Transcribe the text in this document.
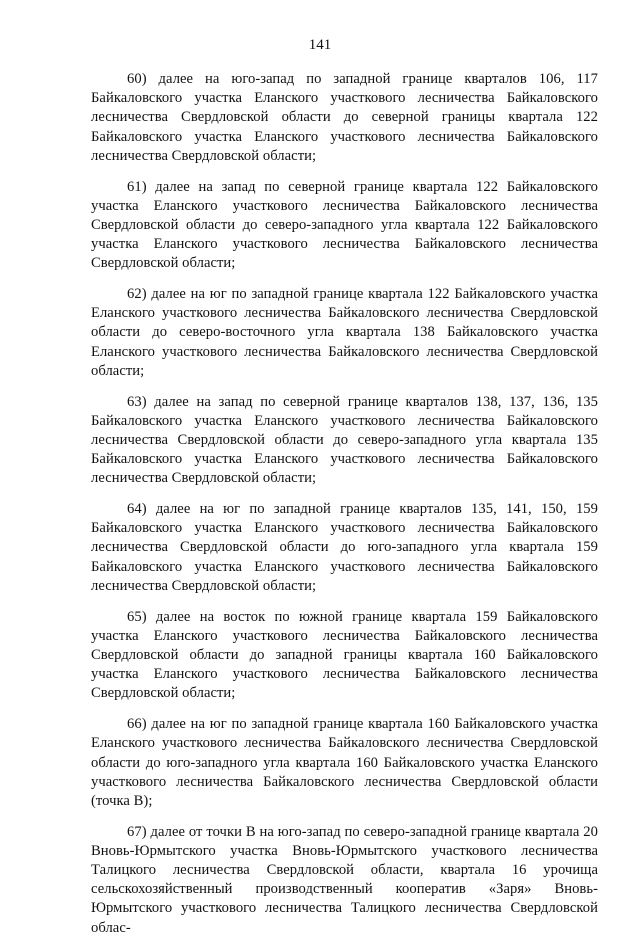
141

60) далее на юго-запад по западной границе кварталов 106, 117 Байкаловского участка Еланского участкового лесничества Байкаловского лесничества Свердловской области до северной границы квартала 122 Байкаловского участка Еланского участкового лесничества Байкаловского лесничества Свердловской области;

61) далее на запад по северной границе квартала 122 Байкаловского участка Еланского участкового лесничества Байкаловского лесничества Свердловской области до северо-западного угла квартала 122 Байкаловского участка Еланского участкового лесничества Байкаловского лесничества Свердловской области;

62) далее на юг по западной границе квартала 122 Байкаловского участка Еланского участкового лесничества Байкаловского лесничества Свердловской области до северо-восточного угла квартала 138 Байкаловского участка Еланского участкового лесничества Байкаловского лесничества Свердловской области;

63) далее на запад по северной границе кварталов 138, 137, 136, 135 Байкаловского участка Еланского участкового лесничества Байкаловского лесничества Свердловской области до северо-западного угла квартала 135 Байкаловского участка Еланского участкового лесничества Байкаловского лесничества Свердловской области;

64) далее на юг по западной границе кварталов 135, 141, 150, 159 Байкаловского участка Еланского участкового лесничества Байкаловского лесничества Свердловской области до юго-западного угла квартала 159 Байкаловского участка Еланского участкового лесничества Байкаловского лесничества Свердловской области;

65) далее на восток по южной границе квартала 159 Байкаловского участка Еланского участкового лесничества Байкаловского лесничества Свердловской области до западной границы квартала 160 Байкаловского участка Еланского участкового лесничества Байкаловского лесничества Свердловской области;

66) далее на юг по западной границе квартала 160 Байкаловского участка Еланского участкового лесничества Байкаловского лесничества Свердловской области до юго-западного угла квартала 160 Байкаловского участка Еланского участкового лесничества Байкаловского лесничества Свердловской области (точка В);

67) далее от точки В на юго-запад по северо-западной границе квартала 20 Вновь-Юрмытского участка Вновь-Юрмытского участкового лесничества Талицкого лесничества Свердловской области, квартала 16 урочища сельскохозяйственный производственный кооператив «Заря» Вновь-Юрмытского участкового лесничества Талицкого лесничества Свердловской облас-
